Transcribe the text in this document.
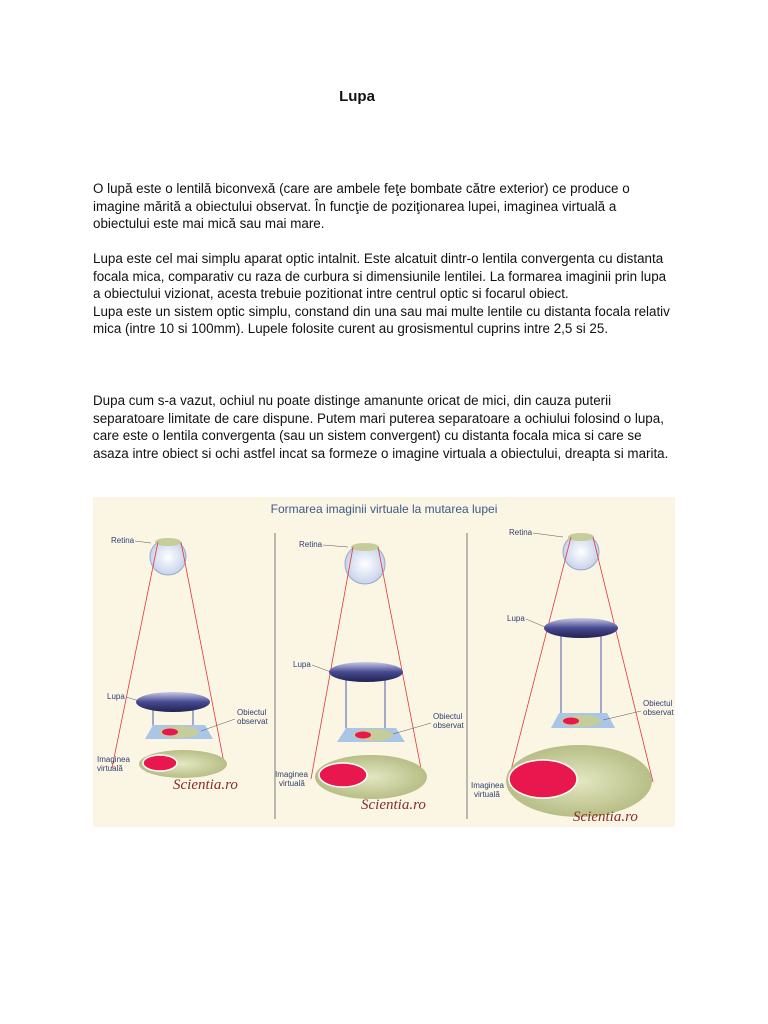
Lupa

O lupă este o lentilă biconvexă (care are ambele feţe bombate către exterior) ce produce o imagine mărită a obiectului observat. În funcţie de poziţionarea lupei, imaginea virtuală a obiectului este mai mică sau mai mare.

Lupa este cel mai simplu aparat optic intalnit. Este alcatuit dintr-o lentila convergenta cu distanta focala mica, comparativ cu raza de curbura si dimensiunile lentilei. La formarea imaginii prin lupa a obiectului vizionat, acesta trebuie pozitionat intre centrul optic si focarul obiect.
Lupa este un sistem optic simplu, constand din una sau mai multe lentile cu distanta focala relativ mica (intre 10 si 100mm). Lupele folosite curent au grosismentul cuprins intre 2,5 si 25.

Dupa cum s-a vazut, ochiul nu poate distinge amanunte oricat de mici, din cauza puterii separatoare limitate de care dispune. Putem mari puterea separatoare a ochiului folosind o lupa, care este o lentila convergenta (sau un sistem convergent) cu distanta focala mica si care se asaza intre obiect si ochi astfel incat sa formeze o imagine virtuala a obiectului, dreapta si marita.

Formarea imaginii virtuale la mutarea lupei
Retina
Lupa
Obiectul
observat
Imaginea
virtuală
Scientia.ro
Retina
Lupa
Obiectul
observat
Imaginea
virtuală
Scientia.ro
Retina
Lupa
Obiectul
observat
Imaginea
virtuală
Scientia.ro
